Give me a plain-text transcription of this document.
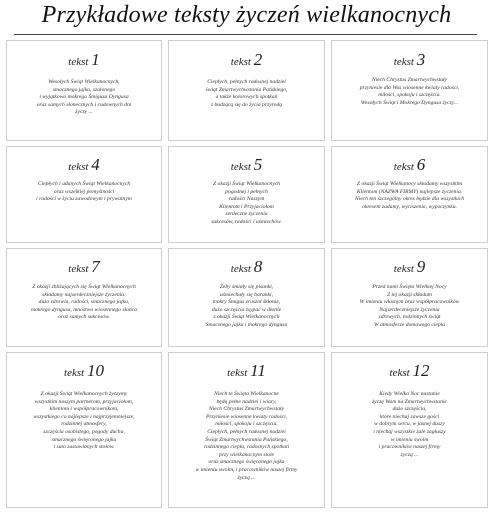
Przykładowe teksty życzeń wielkanocnych
tekst 1
Wesołych Świąt Wielkanocnych,
smacznego jajka, szalonego
i wyjątkowo mokrego Śmigusa Dyngusa
oraz samych słonecznych i cudownych dni
życzy ...
tekst 2
Ciepłych, pełnych radosnej nadziei
świąt Zmartwychwstania Pańskiego,
a także kolorowych spotkań
z budzącą się do życia przyrodą
tekst 3
Niech Chrystus Zmartwychwstały
przyniesie dla Was wiosenne kwiaty radości,
miłości, spokoju i szczęścia.
Wesołych Świąt i Mokrego Dyngusa życzy...
tekst 4
Ciepłych i udanych Świąt Wielkanocnych
oraz wszelkiej pomyślności
i radości w życiu zawodowym i prywatnym
tekst 5
Z okazji Świąt Wielkanocnych
pogodnej i pełnych
radości Naszym
Klientom i Przyjaciołom
serdeczne życzenia
sukcesów, radości i uśmiechów.
tekst 6
Z okazji Świąt Wielkanocy składamy wszystkim
Klientom (NAZWA FIRMY) najlepsze życzenia.
Niech ten szczególny okres będzie dla wszystkich
okresem zadumy, wyciszenia, wypoczynku.
tekst 7
Z okazji zbliżających się Świąt Wielkanocnych
składamy najserdeczniejsze życzenia:
dużo zdrowia, radości, smacznego jajka,
mokrego dyngusa, mnóstwo wiosennego słońca
oraz samych sukcesów.
tekst 8
Żeby śmiały się pisanki,
uśmiechały się baranki,
mokry Śmigus zraszał śkłonie,
dużo szczęścia zsypać w dłonie
z okazji Świąt Wielkanocnych
Smacznego jajka i mokrego dyngusa
tekst 9
Przed nami Święta Wielkiej Nocy
Z tej okazji składam
W imieniu własnym oraz współpracowników
Najserdeczniejsze życzenia
zdrowych, rodzinnych świąt
W atmosferze domowego ciepła
tekst 10
Z okazji Świąt Wielkanocnych życzymy
wszystkim naszym partnerom, przyjaciołom,
klientom i współpracownikom,
wszystkiego co najlepsze i najprzyjemniejsze,
rodzinnej atmosfery,
szczęścia osobistego, pogody ducha,
smacznego święconego jajka
i suto zastawionych stołów.
tekst 11
Niech te Święta Wielkanocne
będą pełne nadziei i wiary,
Niech Chrystus Zmartwychwstały
Przyniesie wiosenne kwiaty radości,
miłości, spokoju i szczęścia.
Ciepłych, pełnych radosnej nadziei
Świąt Zmartwychwstania Pańskiego,
rodzinnego ciepła, radosnych spotkań
przy wielkanocnym stole
oraz smacznego święconego jajka
w imieniu swoim, i pracowników naszej firmy
życzą ...
tekst 12
Kiedy Wielka Noc nastanie
życzę Wam na Zmartwychwstanie
dużo szczęścia,
które niechaj zawsze gości
w dobrym sercu, w jasnej duszy
i niechaj wszystkie żale zagłuszy
w imieniu swoim
i pracowników naszej firmy
życzą ...
